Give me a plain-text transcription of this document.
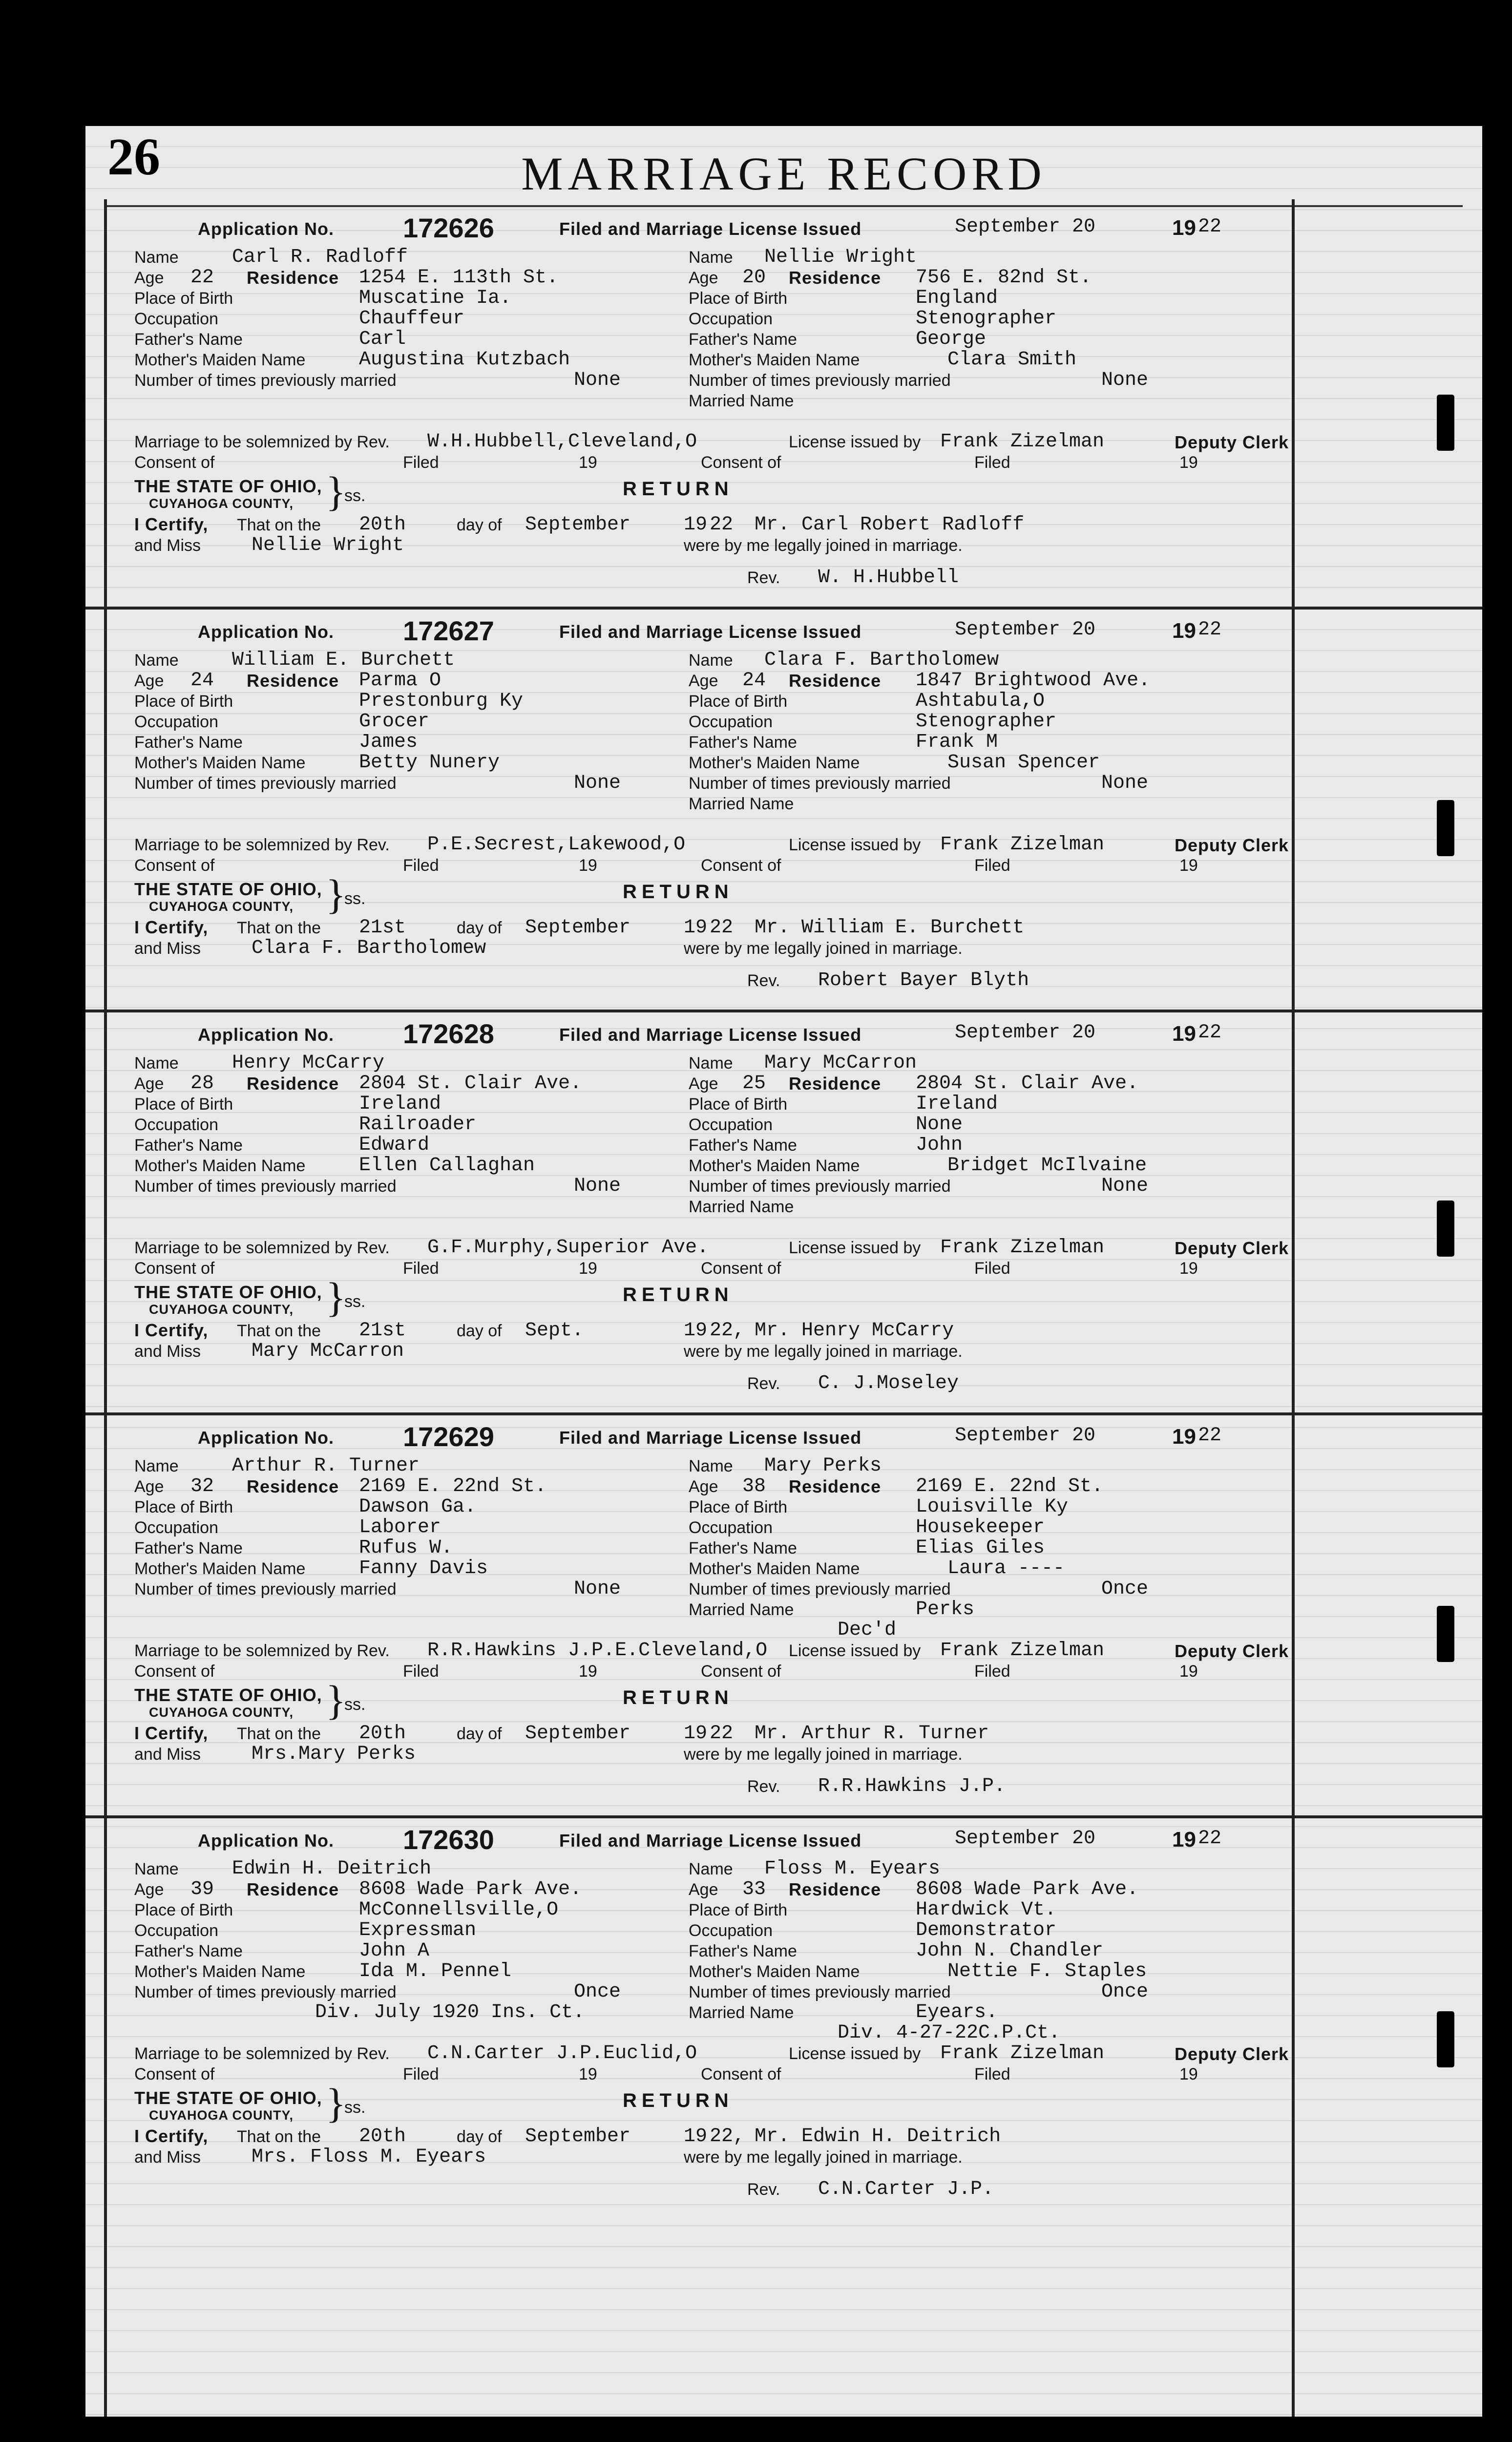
26	MARRIAGE RECORD
Application No.	172626	Filed and Marriage License Issued	September 20	19 22
Name	Carl R. Radloff
Age 22 Residence 1254 E. 113th St.
Place of Birth	Muscatine Ia.
Occupation	Chauffeur
Father's Name	Carl
Mother's Maiden Name	Augustina Kutzbach
Number of times previously married	None
Name Nellie Wright
Age 20 Residence 756 E. 82nd St.
Place of Birth	England
Occupation	Stenographer
Father's Name	George
Mother's Maiden Name	Clara Smith
Number of times previously married	None
Married Name
Marriage to be solemnized by Rev. W.H.Hubbell,Cleveland,O	License issued by Frank Zizelman	Deputy Clerk
Consent of	Filed	19	Consent of	Filed	19
THE STATE OF OHIO,
CUYAHOGA COUNTY, }
ss.	RETURN
I Certify, That on the 20th	day of September	19 22 Mr. Carl Robert Radloff
and Miss	Nellie Wright	were by me legally joined in marriage.
Rev. W. H.Hubbell
Application No.	172627	Filed and Marriage License Issued	September 20	19 22
Name	William E. Burchett
Age 24 Residence Parma O
Place of Birth	Prestonburg Ky
Occupation	Grocer
Father's Name	James
Mother's Maiden Name	Betty Nunery
Number of times previously married	None
Name Clara F. Bartholomew
Age 24 Residence 1847 Brightwood Ave.
Place of Birth	Ashtabula,O
Occupation	Stenographer
Father's Name	Frank M
Mother's Maiden Name	Susan Spencer
Number of times previously married	None
Married Name
Marriage to be solemnized by Rev. P.E.Secrest,Lakewood,O	License issued by Frank Zizelman	Deputy Clerk
Consent of	Filed	19	Consent of	Filed	19
THE STATE OF OHIO,
CUYAHOGA COUNTY, }
ss.	RETURN
I Certify, That on the 21st	day of September	19 22 Mr. William E. Burchett
and Miss	Clara F. Bartholomew	were by me legally joined in marriage.
Rev. Robert Bayer Blyth
Application No.	172628	Filed and Marriage License Issued	September 20	19 22
Name	Henry McCarry
Age 28 Residence 2804 St. Clair Ave.
Place of Birth	Ireland
Occupation	Railroader
Father's Name	Edward
Mother's Maiden Name	Ellen Callaghan
Number of times previously married	None
Name Mary McCarron
Age 25 Residence 2804 St. Clair Ave.
Place of Birth	Ireland
Occupation	None
Father's Name	John
Mother's Maiden Name	Bridget McIlvaine
Number of times previously married	None
Married Name
Marriage to be solemnized by Rev. G.F.Murphy,Superior Ave.	License issued by Frank Zizelman	Deputy Clerk
Consent of	Filed	19	Consent of	Filed	19
THE STATE OF OHIO,
CUYAHOGA COUNTY, }
ss.	RETURN
I Certify, That on the 21st	day of Sept.	19 22, Mr. Henry McCarry
and Miss	Mary McCarron	were by me legally joined in marriage.
Rev. C. J.Moseley
Application No.	172629	Filed and Marriage License Issued	September 20	19 22
Name	Arthur R. Turner
Age 32 Residence 2169 E. 22nd St.
Place of Birth	Dawson Ga.
Occupation	Laborer
Father's Name	Rufus W.
Mother's Maiden Name	Fanny Davis
Number of times previously married	None
Name Mary Perks
Age 38 Residence 2169 E. 22nd St.
Place of Birth	Louisville Ky
Occupation	Housekeeper
Father's Name	Elias Giles
Mother's Maiden Name	Laura ----
Number of times previously married	Once
Married Name	Perks
Dec'd
Marriage to be solemnized by Rev. R.R.Hawkins J.P.E.Cleveland,O License issued by Frank Zizelman	Deputy Clerk
Consent of	Filed	19	Consent of	Filed	19
THE STATE OF OHIO,
CUYAHOGA COUNTY, }
ss.	RETURN
I Certify, That on the 20th	day of September	19 22 Mr. Arthur R. Turner
and Miss	Mrs.Mary Perks	were by me legally joined in marriage.
Rev. R.R.Hawkins J.P.
Application No.	172630	Filed and Marriage License Issued	September 20	19 22
Name	Edwin H. Deitrich
Age 39 Residence 8608 Wade Park Ave.
Place of Birth	McConnellsville,O
Occupation	Expressman
Father's Name	John A
Mother's Maiden Name	Ida M. Pennel
Number of times previously married	Once
Div. July 1920 Ins. Ct.
Name Floss M. Eyears
Age 33 Residence 8608 Wade Park Ave.
Place of Birth	Hardwick Vt.
Occupation	Demonstrator
Father's Name	John N. Chandler
Mother's Maiden Name	Nettie F. Staples
Number of times previously married	Once
Married Name	Eyears.
Div. 4-27-22C.P.Ct.
Marriage to be solemnized by Rev. C.N.Carter J.P.Euclid,O	License issued by Frank Zizelman	Deputy Clerk
Consent of	Filed	19	Consent of	Filed	19
THE STATE OF OHIO,
CUYAHOGA COUNTY, }
ss.	RETURN
I Certify, That on the 20th	day of September	19 22, Mr. Edwin H. Deitrich
and Miss	Mrs. Floss M. Eyears	were by me legally joined in marriage.
Rev. C.N.Carter J.P.
